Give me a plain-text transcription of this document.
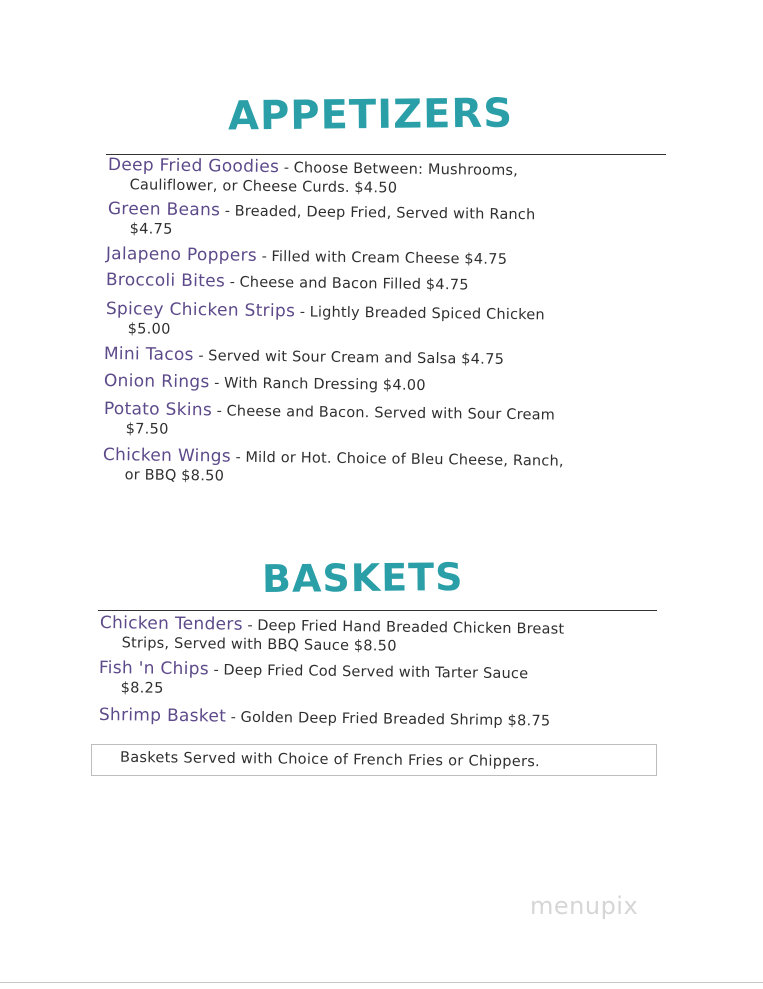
APPETIZERS
Deep Fried Goodies - Choose Between: Mushrooms,
Cauliflower, or Cheese Curds. $4.50
Green Beans - Breaded, Deep Fried, Served with Ranch
$4.75
Jalapeno Poppers - Filled with Cream Cheese $4.75
Broccoli Bites - Cheese and Bacon Filled $4.75
Spicey Chicken Strips - Lightly Breaded Spiced Chicken
$5.00
Mini Tacos - Served wit Sour Cream and Salsa $4.75
Onion Rings - With Ranch Dressing $4.00
Potato Skins - Cheese and Bacon. Served with Sour Cream
$7.50
Chicken Wings - Mild or Hot. Choice of Bleu Cheese, Ranch,
or BBQ $8.50
BASKETS
Chicken Tenders - Deep Fried Hand Breaded Chicken Breast
Strips, Served with BBQ Sauce $8.50
Fish 'n Chips - Deep Fried Cod Served with Tarter Sauce
$8.25
Shrimp Basket - Golden Deep Fried Breaded Shrimp $8.75
Baskets Served with Choice of French Fries or Chippers.
menupix
